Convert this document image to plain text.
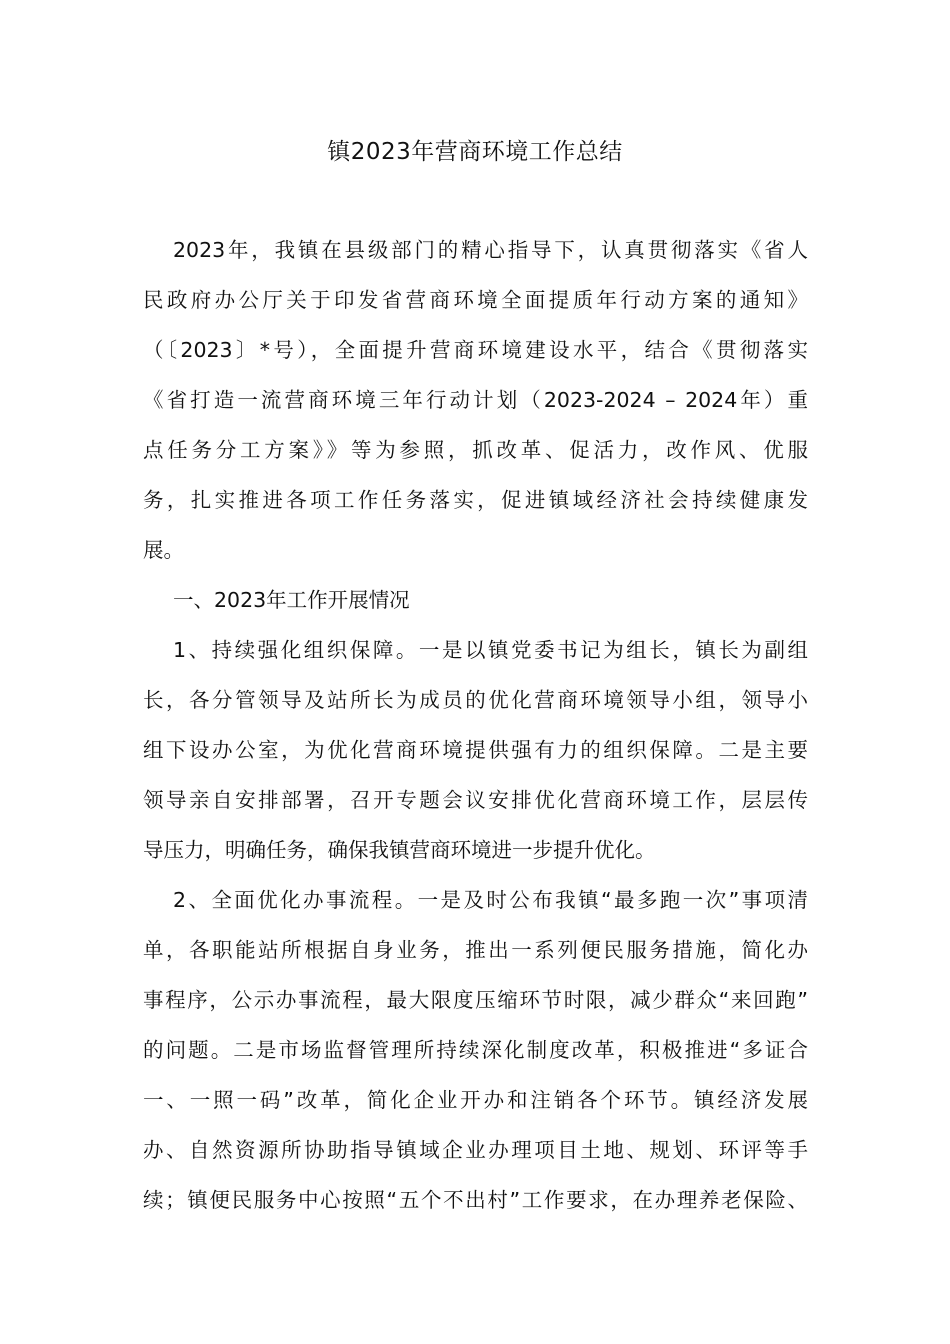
镇2023年营商环境工作总结
2023年，我镇在县级部门的精心指导下，认真贯彻落实《省人
民政府办公厅关于印发省营商环境全面提质年行动方案的通知》
（〔2023〕*号），全面提升营商环境建设水平，结合《贯彻落实
《省打造一流营商环境三年行动计划（2023-2024 – 2024年）重
点任务分工方案》》等为参照，抓改革、促活力，改作风、优服
务，扎实推进各项工作任务落实，促进镇域经济社会持续健康发
展。
一、2023年工作开展情况
1、持续强化组织保障。一是以镇党委书记为组长，镇长为副组
长，各分管领导及站所长为成员的优化营商环境领导小组，领导小
组下设办公室，为优化营商环境提供强有力的组织保障。二是主要
领导亲自安排部署，召开专题会议安排优化营商环境工作，层层传
导压力，明确任务，确保我镇营商环境进一步提升优化。
2、全面优化办事流程。一是及时公布我镇“最多跑一次”事项清
单，各职能站所根据自身业务，推出一系列便民服务措施，简化办
事程序，公示办事流程，最大限度压缩环节时限，减少群众“来回跑”
的问题。二是市场监督管理所持续深化制度改革，积极推进“多证合
一、一照一码”改革，简化企业开办和注销各个环节。镇经济发展
办、自然资源所协助指导镇域企业办理项目土地、规划、环评等手
续；镇便民服务中心按照“五个不出村”工作要求，在办理养老保险、
